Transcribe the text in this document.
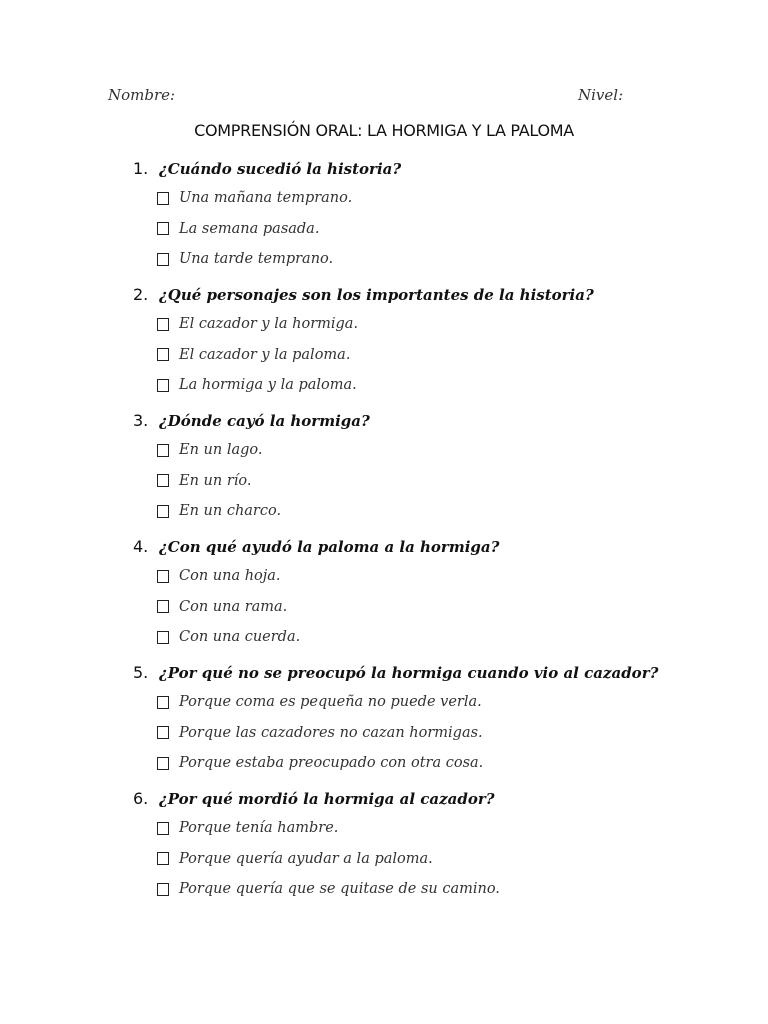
Nombre:	Nivel:
COMPRENSIÓN ORAL: LA HORMIGA Y LA PALOMA
1. ¿Cuándo sucedió la historia?
Una mañana temprano.
La semana pasada.
Una tarde temprano.
2. ¿Qué personajes son los importantes de la historia?
El cazador y la hormiga.
El cazador y la paloma.
La hormiga y la paloma.
3. ¿Dónde cayó la hormiga?
En un lago.
En un río.
En un charco.
4. ¿Con qué ayudó la paloma a la hormiga?
Con una hoja.
Con una rama.
Con una cuerda.
5. ¿Por qué no se preocupó la hormiga cuando vio al cazador?
Porque coma es pequeña no puede verla.
Porque las cazadores no cazan hormigas.
Porque estaba preocupado con otra cosa.
6. ¿Por qué mordió la hormiga al cazador?
Porque tenía hambre.
Porque quería ayudar a la paloma.
Porque quería que se quitase de su camino.
